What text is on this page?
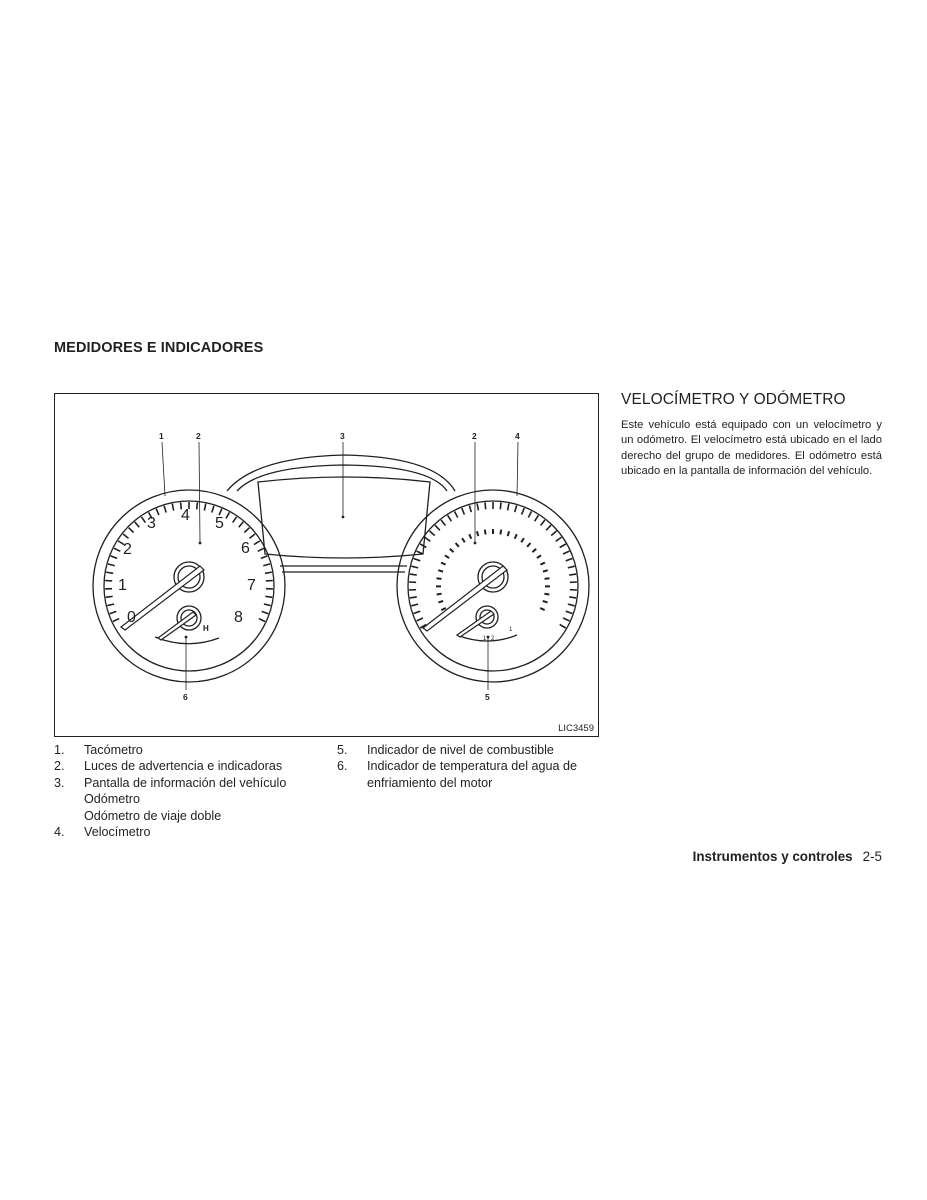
MEDIDORES E INDICADORES
1
2
3 4 5
6
7
8
0
H
1 2
1
1	2	3	2	4
6	5
LIC3459
1. Tacómetro
2. Luces de advertencia e indicadoras
3. Pantalla de información del vehículo
Odómetro
Odómetro de viaje doble
4. Velocímetro
5. Indicador de nivel de combustible
6. Indicador de temperatura del agua de enfriamiento del motor
VELOCÍMETRO Y ODÓMETRO

Este vehículo está equipado con un velocímetro y un odómetro. El velocímetro está ubicado en el lado derecho del grupo de medidores. El odómetro está ubicado en la pantalla de información del vehículo.

Instrumentos y controles 2-5
